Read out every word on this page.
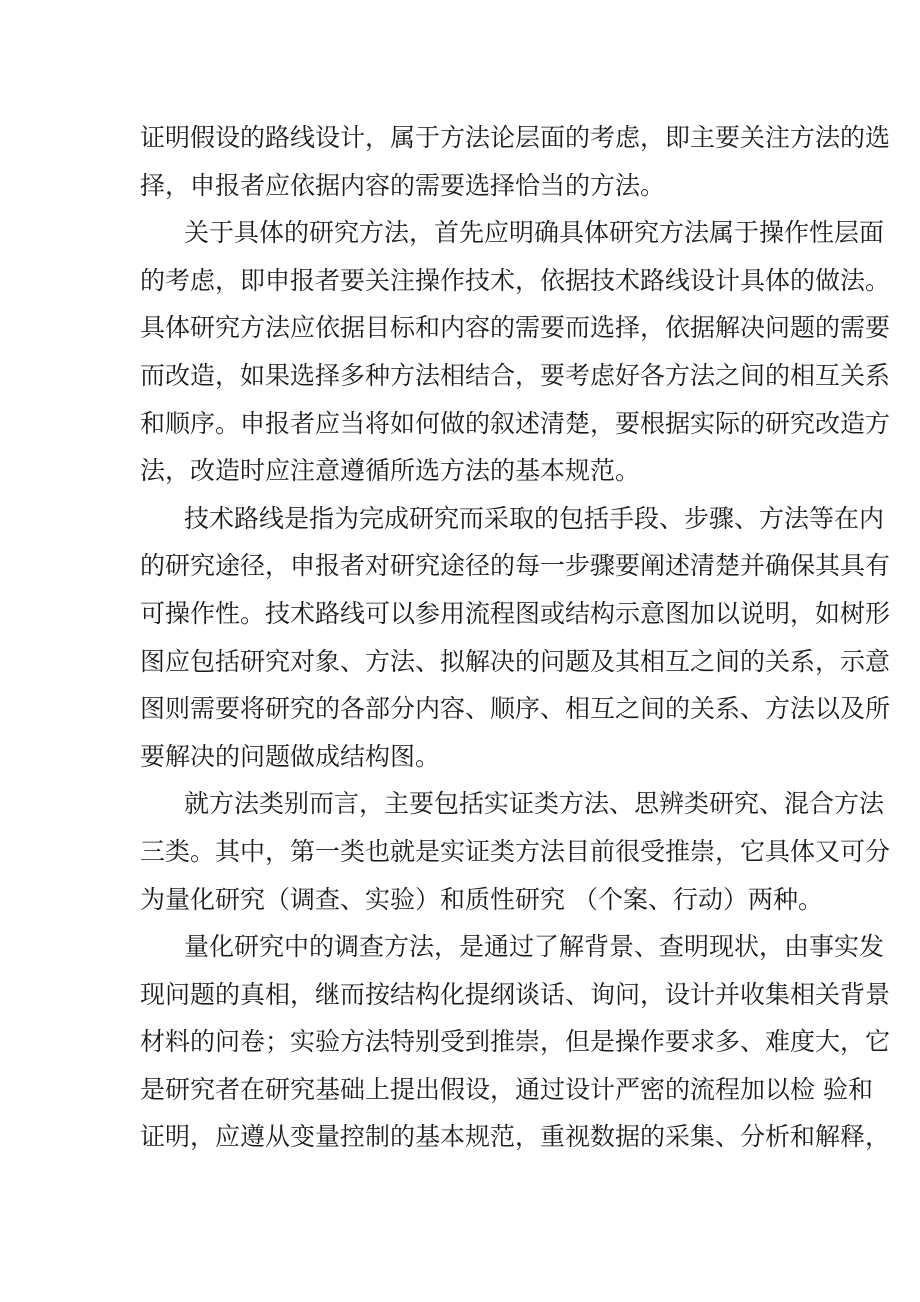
证明假设的路线设计，属于方法论层面的考虑，即主要关注方法的选
择，申报者应依据内容的需要选择恰当的方法。
关于具体的研究方法，首先应明确具体研究方法属于操作性层面
的考虑，即申报者要关注操作技术，依据技术路线设计具体的做法。
具体研究方法应依据目标和内容的需要而选择，依据解决问题的需要
而改造，如果选择多种方法相结合，要考虑好各方法之间的相互关系
和顺序。申报者应当将如何做的叙述清楚，要根据实际的研究改造方
法，改造时应注意遵循所选方法的基本规范。
技术路线是指为完成研究而采取的包括手段、步骤、方法等在内
的研究途径，申报者对研究途径的每一步骤要阐述清楚并确保其具有
可操作性。技术路线可以参用流程图或结构示意图加以说明，如树形
图应包括研究对象、方法、拟解决的问题及其相互之间的关系，示意
图则需要将研究的各部分内容、顺序、相互之间的关系、方法以及所
要解决的问题做成结构图。
就方法类别而言，主要包括实证类方法、思辨类研究、混合方法
三类。其中，第一类也就是实证类方法目前很受推崇，它具体又可分
为量化研究（调查、实验）和质性研究 （个案、行动）两种。
量化研究中的调查方法，是通过了解背景、查明现状，由事实发
现问题的真相，继而按结构化提纲谈话、询问，设计并收集相关背景
材料的问卷；实验方法特别受到推崇，但是操作要求多、难度大，它
是研究者在研究基础上提出假设，通过设计严密的流程加以检 验和
证明，应遵从变量控制的基本规范，重视数据的采集、分析和解释，
